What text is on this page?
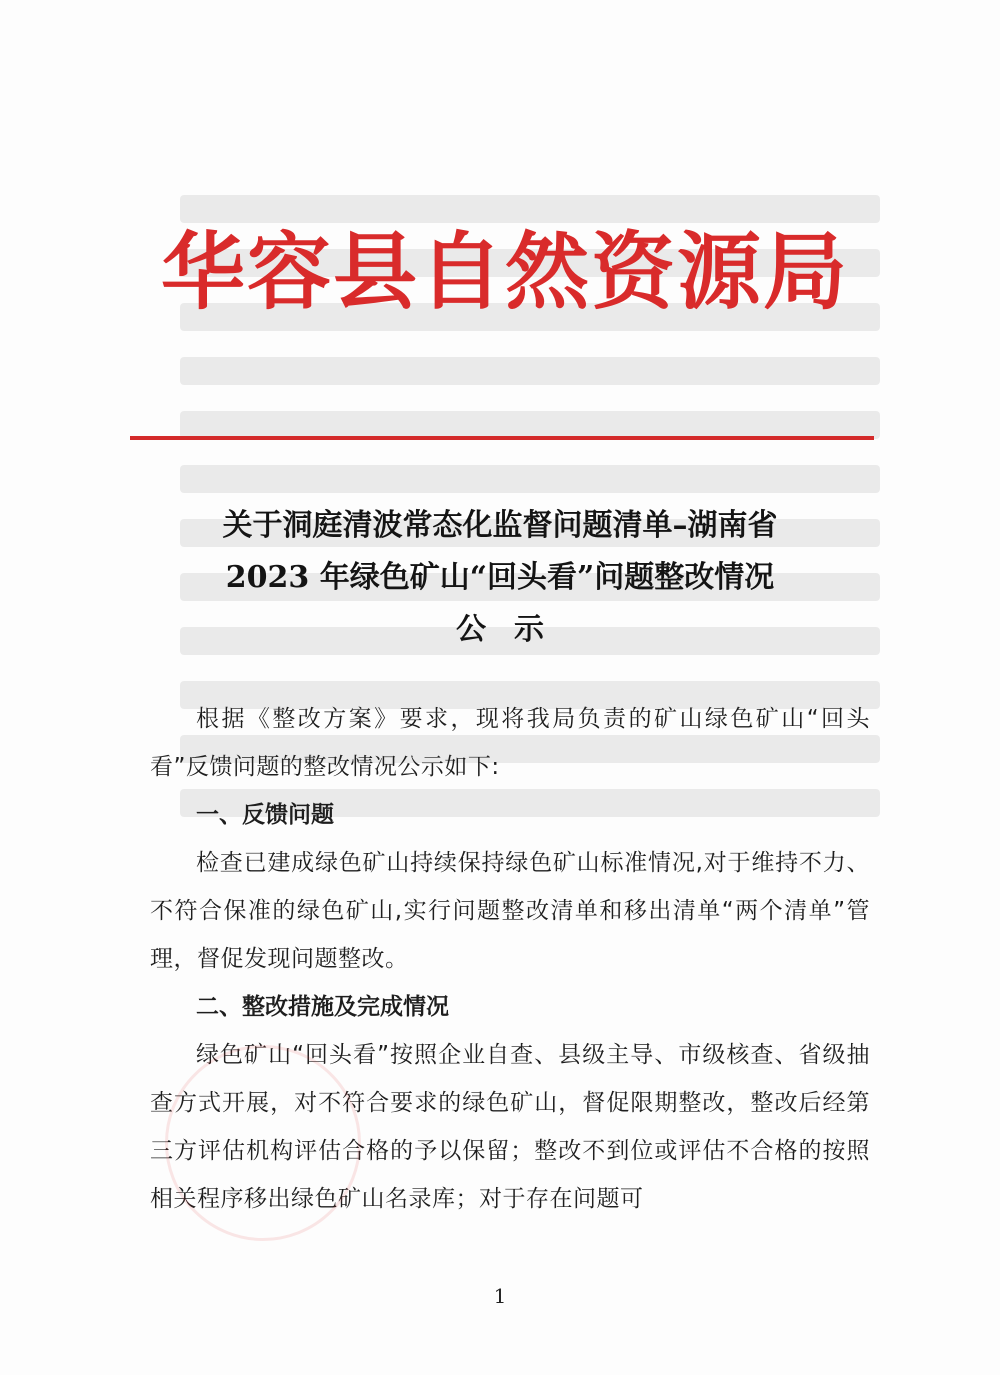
华容县自然资源局
关于洞庭清波常态化监督问题清单–湖南省
2023 年绿色矿山“回头看”问题整改情况
公示

根据《整改方案》要求，现将我局负责的矿山绿色矿山“回头看”反馈问题的整改情况公示如下:

一、反馈问题

检查已建成绿色矿山持续保持绿色矿山标准情况,对于维持不力、不符合保准的绿色矿山,实行问题整改清单和移出清单“两个清单”管理，督促发现问题整改。

二、整改措施及完成情况

绿色矿山“回头看”按照企业自查、县级主导、市级核查、省级抽查方式开展，对不符合要求的绿色矿山，督促限期整改，整改后经第三方评估机构评估合格的予以保留；整改不到位或评估不合格的按照相关程序移出绿色矿山名录库；对于存在问题可

1
